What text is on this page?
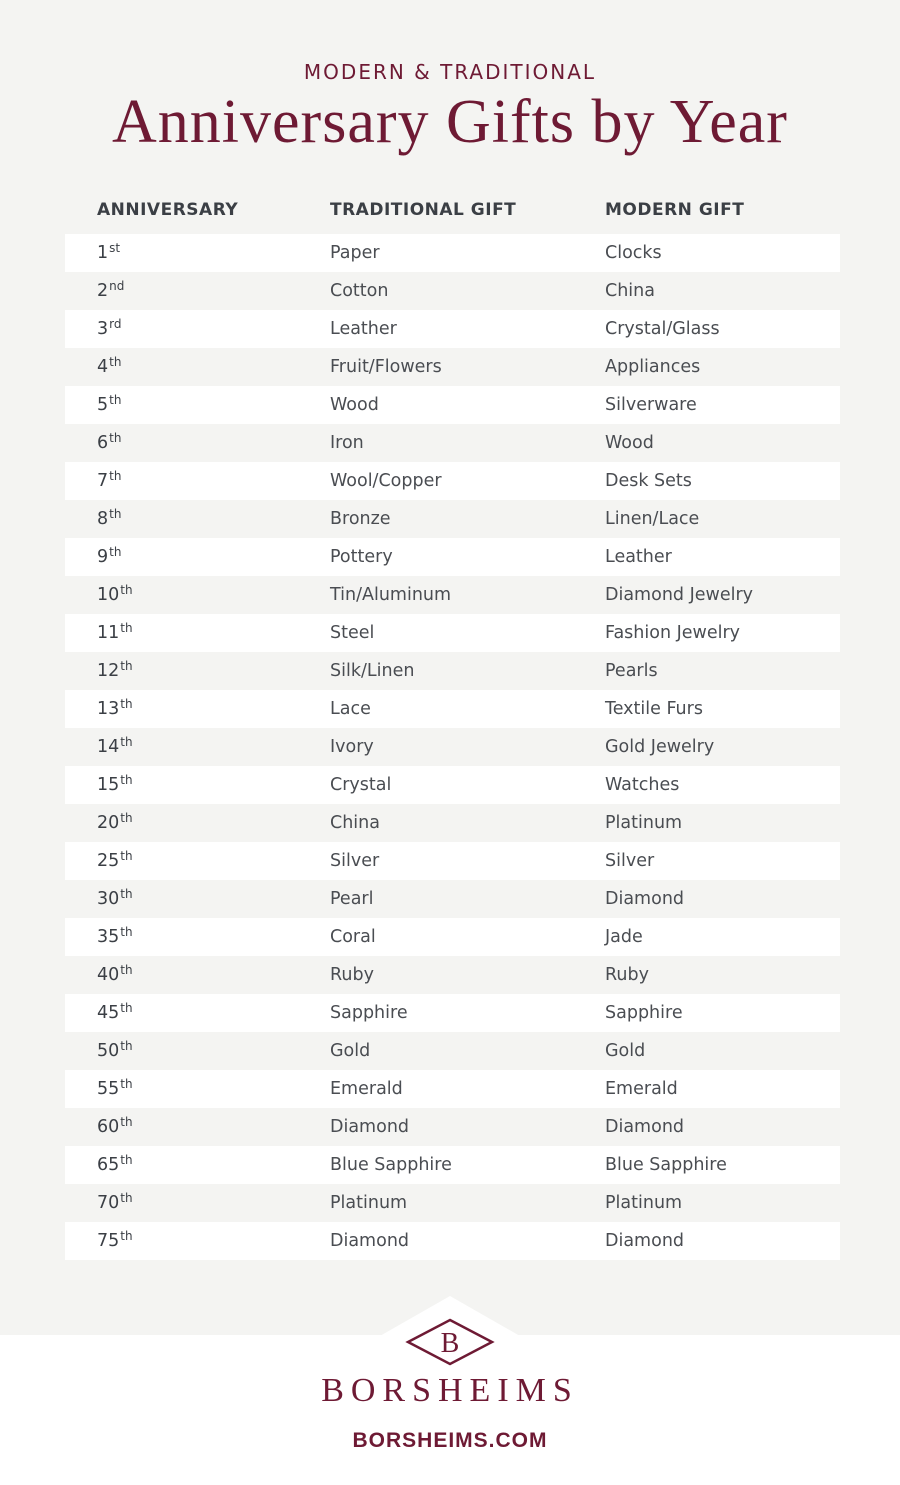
MODERN & TRADITIONAL
Anniversary Gifts by Year
ANNIVERSARY	TRADITIONAL GIFT	MODERN GIFT
1st	Paper	Clocks
2nd	Cotton	China
3rd	Leather	Crystal/Glass
4th	Fruit/Flowers	Appliances
5th	Wood	Silverware
6th	Iron	Wood
7th	Wool/Copper	Desk Sets
8th	Bronze	Linen/Lace
9th	Pottery	Leather
10th	Tin/Aluminum	Diamond Jewelry
11th	Steel	Fashion Jewelry
12th	Silk/Linen	Pearls
13th	Lace	Textile Furs
14th	Ivory	Gold Jewelry
15th	Crystal	Watches
20th	China	Platinum
25th	Silver	Silver
30th	Pearl	Diamond
35th	Coral	Jade
40th	Ruby	Ruby
45th	Sapphire	Sapphire
50th	Gold	Gold
55th	Emerald	Emerald
60th	Diamond	Diamond
65th	Blue Sapphire	Blue Sapphire
70th	Platinum	Platinum
75th	Diamond	Diamond
B
BORSHEIMS
BORSHEIMS.COM
